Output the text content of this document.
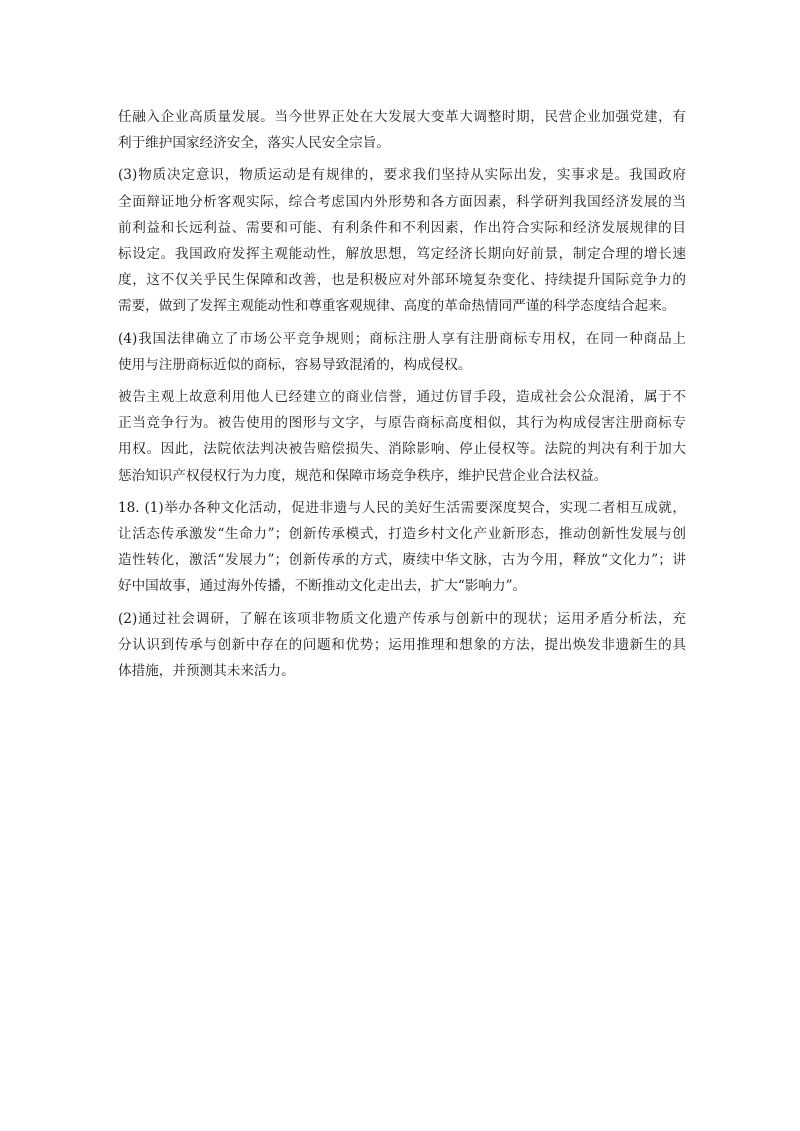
任融入企业高质量发展。当今世界正处在大发展大变革大调整时期，民营企业加强党建，有
利于维护国家经济安全，落实人民安全宗旨。

(3)物质决定意识，物质运动是有规律的，要求我们坚持从实际出发，实事求是。我国政府
全面辩证地分析客观实际，综合考虑国内外形势和各方面因素，科学研判我国经济发展的当
前利益和长远利益、需要和可能、有利条件和不利因素，作出符合实际和经济发展规律的目
标设定。我国政府发挥主观能动性，解放思想，笃定经济长期向好前景，制定合理的增长速
度，这不仅关乎民生保障和改善，也是积极应对外部环境复杂变化、持续提升国际竞争力的
需要，做到了发挥主观能动性和尊重客观规律、高度的革命热情同严谨的科学态度结合起来。

(4)我国法律确立了市场公平竞争规则；商标注册人享有注册商标专用权，在同一种商品上
使用与注册商标近似的商标，容易导致混淆的，构成侵权。

被告主观上故意利用他人已经建立的商业信誉，通过仿冒手段，造成社会公众混淆，属于不
正当竞争行为。被告使用的图形与文字，与原告商标高度相似，其行为构成侵害注册商标专
用权。因此，法院依法判决被告赔偿损失、消除影响、停止侵权等。法院的判决有利于加大
惩治知识产权侵权行为力度，规范和保障市场竞争秩序，维护民营企业合法权益。

18. (1)举办各种文化活动，促进非遗与人民的美好生活需要深度契合，实现二者相互成就，
让活态传承激发“生命力”；创新传承模式，打造乡村文化产业新形态，推动创新性发展与创
造性转化，激活“发展力”；创新传承的方式，赓续中华文脉，古为今用，释放“文化力”；讲
好中国故事，通过海外传播，不断推动文化走出去，扩大“影响力”。

(2)通过社会调研，了解在该项非物质文化遗产传承与创新中的现状；运用矛盾分析法，充
分认识到传承与创新中存在的问题和优势；运用推理和想象的方法，提出焕发非遗新生的具
体措施，并预测其未来活力。
